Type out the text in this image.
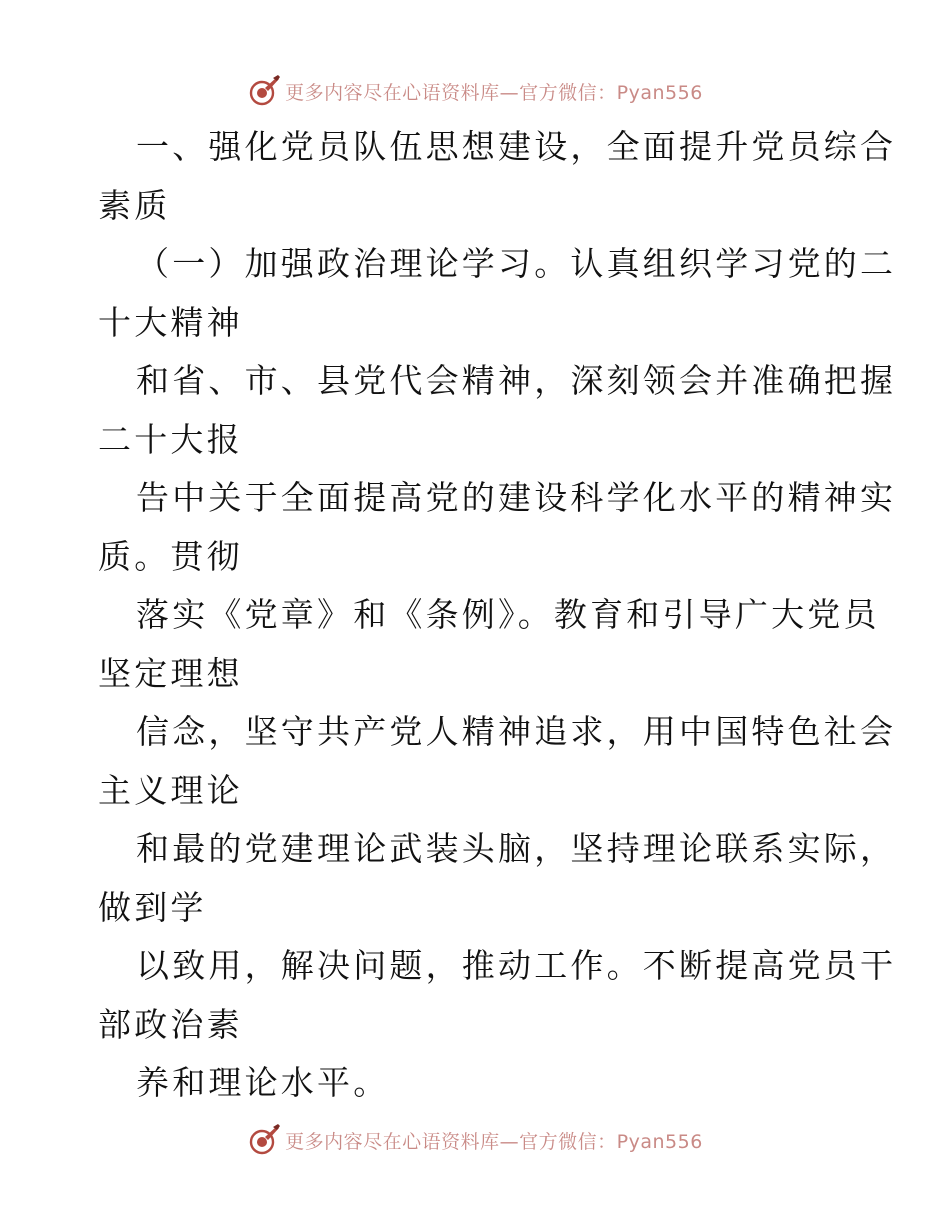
更多内容尽在心语资料库—官方微信：Pyan556
一、强化党员队伍思想建设，全面提升党员综合
素质
（一）加强政治理论学习。认真组织学习党的二
十大精神
和省、市、县党代会精神，深刻领会并准确把握
二十大报
告中关于全面提高党的建设科学化水平的精神实
质。贯彻
落实《党章》和《条例》。教育和引导广大党员
坚定理想
信念，坚守共产党人精神追求，用中国特色社会
主义理论
和最的党建理论武装头脑，坚持理论联系实际，
做到学
以致用，解决问题，推动工作。不断提高党员干
部政治素
养和理论水平。
更多内容尽在心语资料库—官方微信：Pyan556
